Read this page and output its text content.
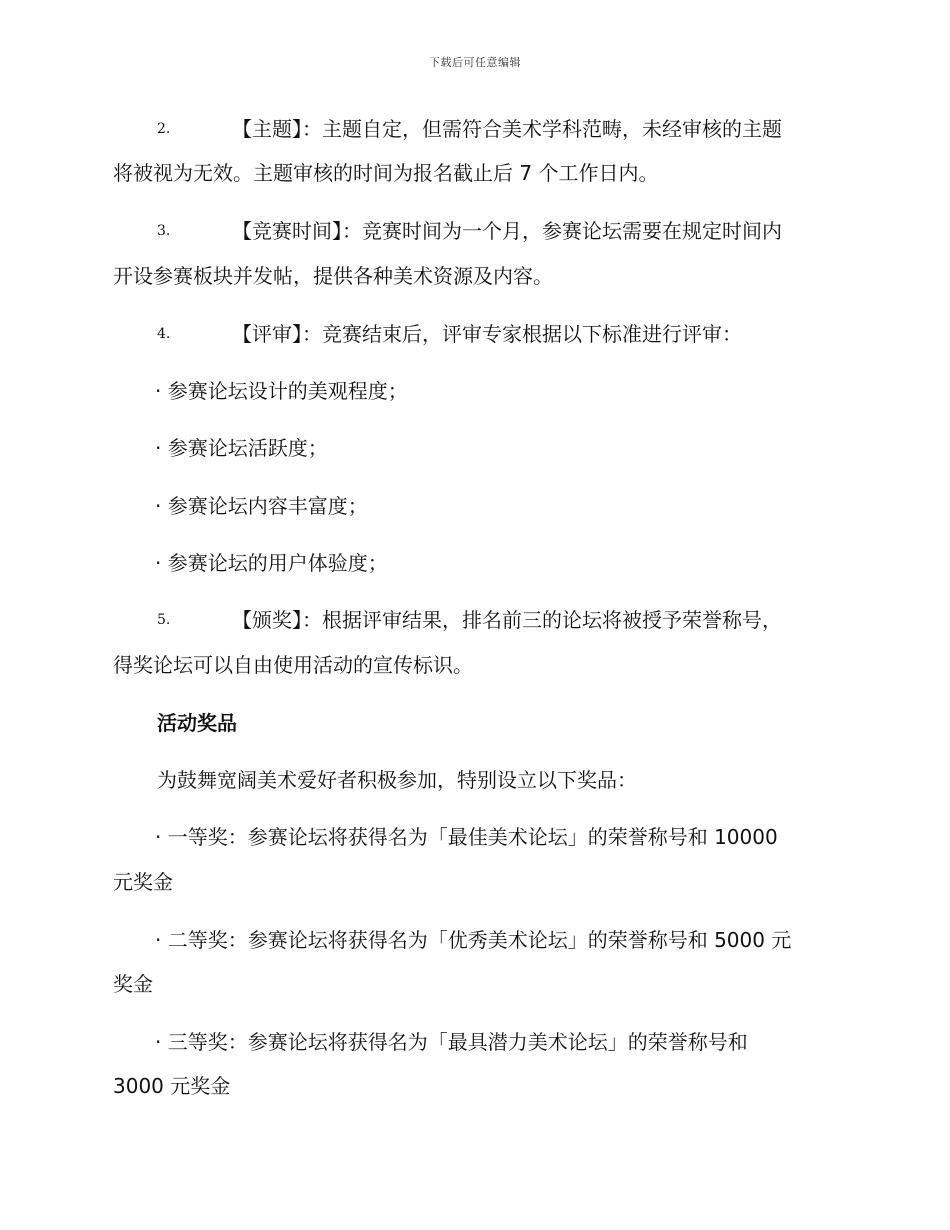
下载后可任意编辑
2.	【主题】：主题自定，但需符合美术学科范畴，未经审核的主题
将被视为无效。主题审核的时间为报名截止后 7 个工作日内。
3.	【竞赛时间】：竞赛时间为一个月，参赛论坛需要在规定时间内
开设参赛板块并发帖，提供各种美术资源及内容。
4.	【评审】：竞赛结束后，评审专家根据以下标准进行评审：
· 参赛论坛设计的美观程度；
· 参赛论坛活跃度；
· 参赛论坛内容丰富度；
· 参赛论坛的用户体验度；
5.	【颁奖】：根据评审结果，排名前三的论坛将被授予荣誉称号，
得奖论坛可以自由使用活动的宣传标识。
活动奖品
为鼓舞宽阔美术爱好者积极参加，特别设立以下奖品：
· 一等奖：参赛论坛将获得名为「最佳美术论坛」的荣誉称号和 10000
元奖金
· 二等奖：参赛论坛将获得名为「优秀美术论坛」的荣誉称号和 5000 元
奖金
· 三等奖：参赛论坛将获得名为「最具潜力美术论坛」的荣誉称号和
3000 元奖金
